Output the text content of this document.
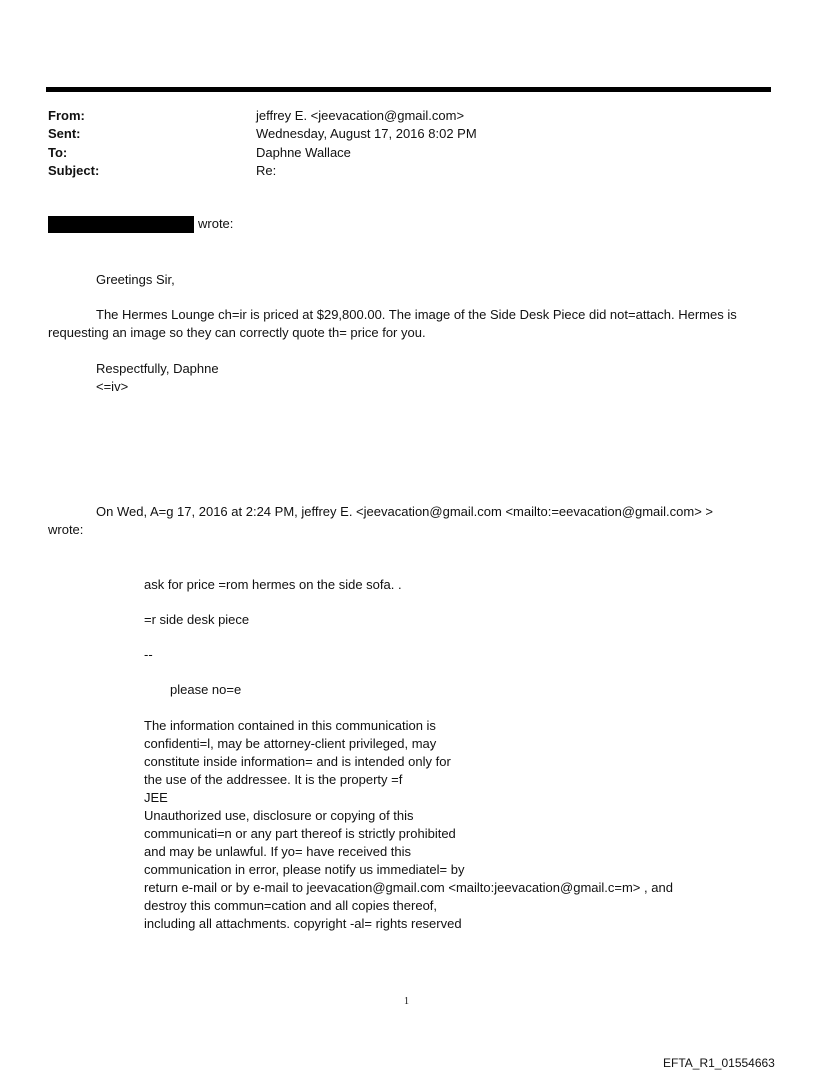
From:	jeffrey E. <jeevacation@gmail.com>
Sent:	Wednesday, August 17, 2016 8:02 PM
To:	Daphne Wallace
Subject:	Re:
wrote:
Greetings Sir,
The Hermes Lounge ch=ir is priced at $29,800.00. The image of the Side Desk Piece did not=attach. Hermes is
requesting an image so they can correctly quote th= price for you.
Respectfully, Daphne
<=iv>
On Wed, A=g 17, 2016 at 2:24 PM, jeffrey E. <jeevacation@gmail.com <mailto:=eevacation@gmail.com> >
wrote:
ask for price =rom hermes on the side sofa. .
=r side desk piece
--
please no=e
The information contained in this communication is
confidenti=l, may be attorney-client privileged, may
constitute inside information= and is intended only for
the use of the addressee. It is the property =f
JEE
Unauthorized use, disclosure or copying of this
communicati=n or any part thereof is strictly prohibited
and may be unlawful. If yo= have received this
communication in error, please notify us immediatel= by
return e-mail or by e-mail to jeevacation@gmail.com <mailto:jeevacation@gmail.c=m> , and
destroy this commun=cation and all copies thereof,
including all attachments. copyright -al= rights reserved
1
EFTA_R1_01554663
